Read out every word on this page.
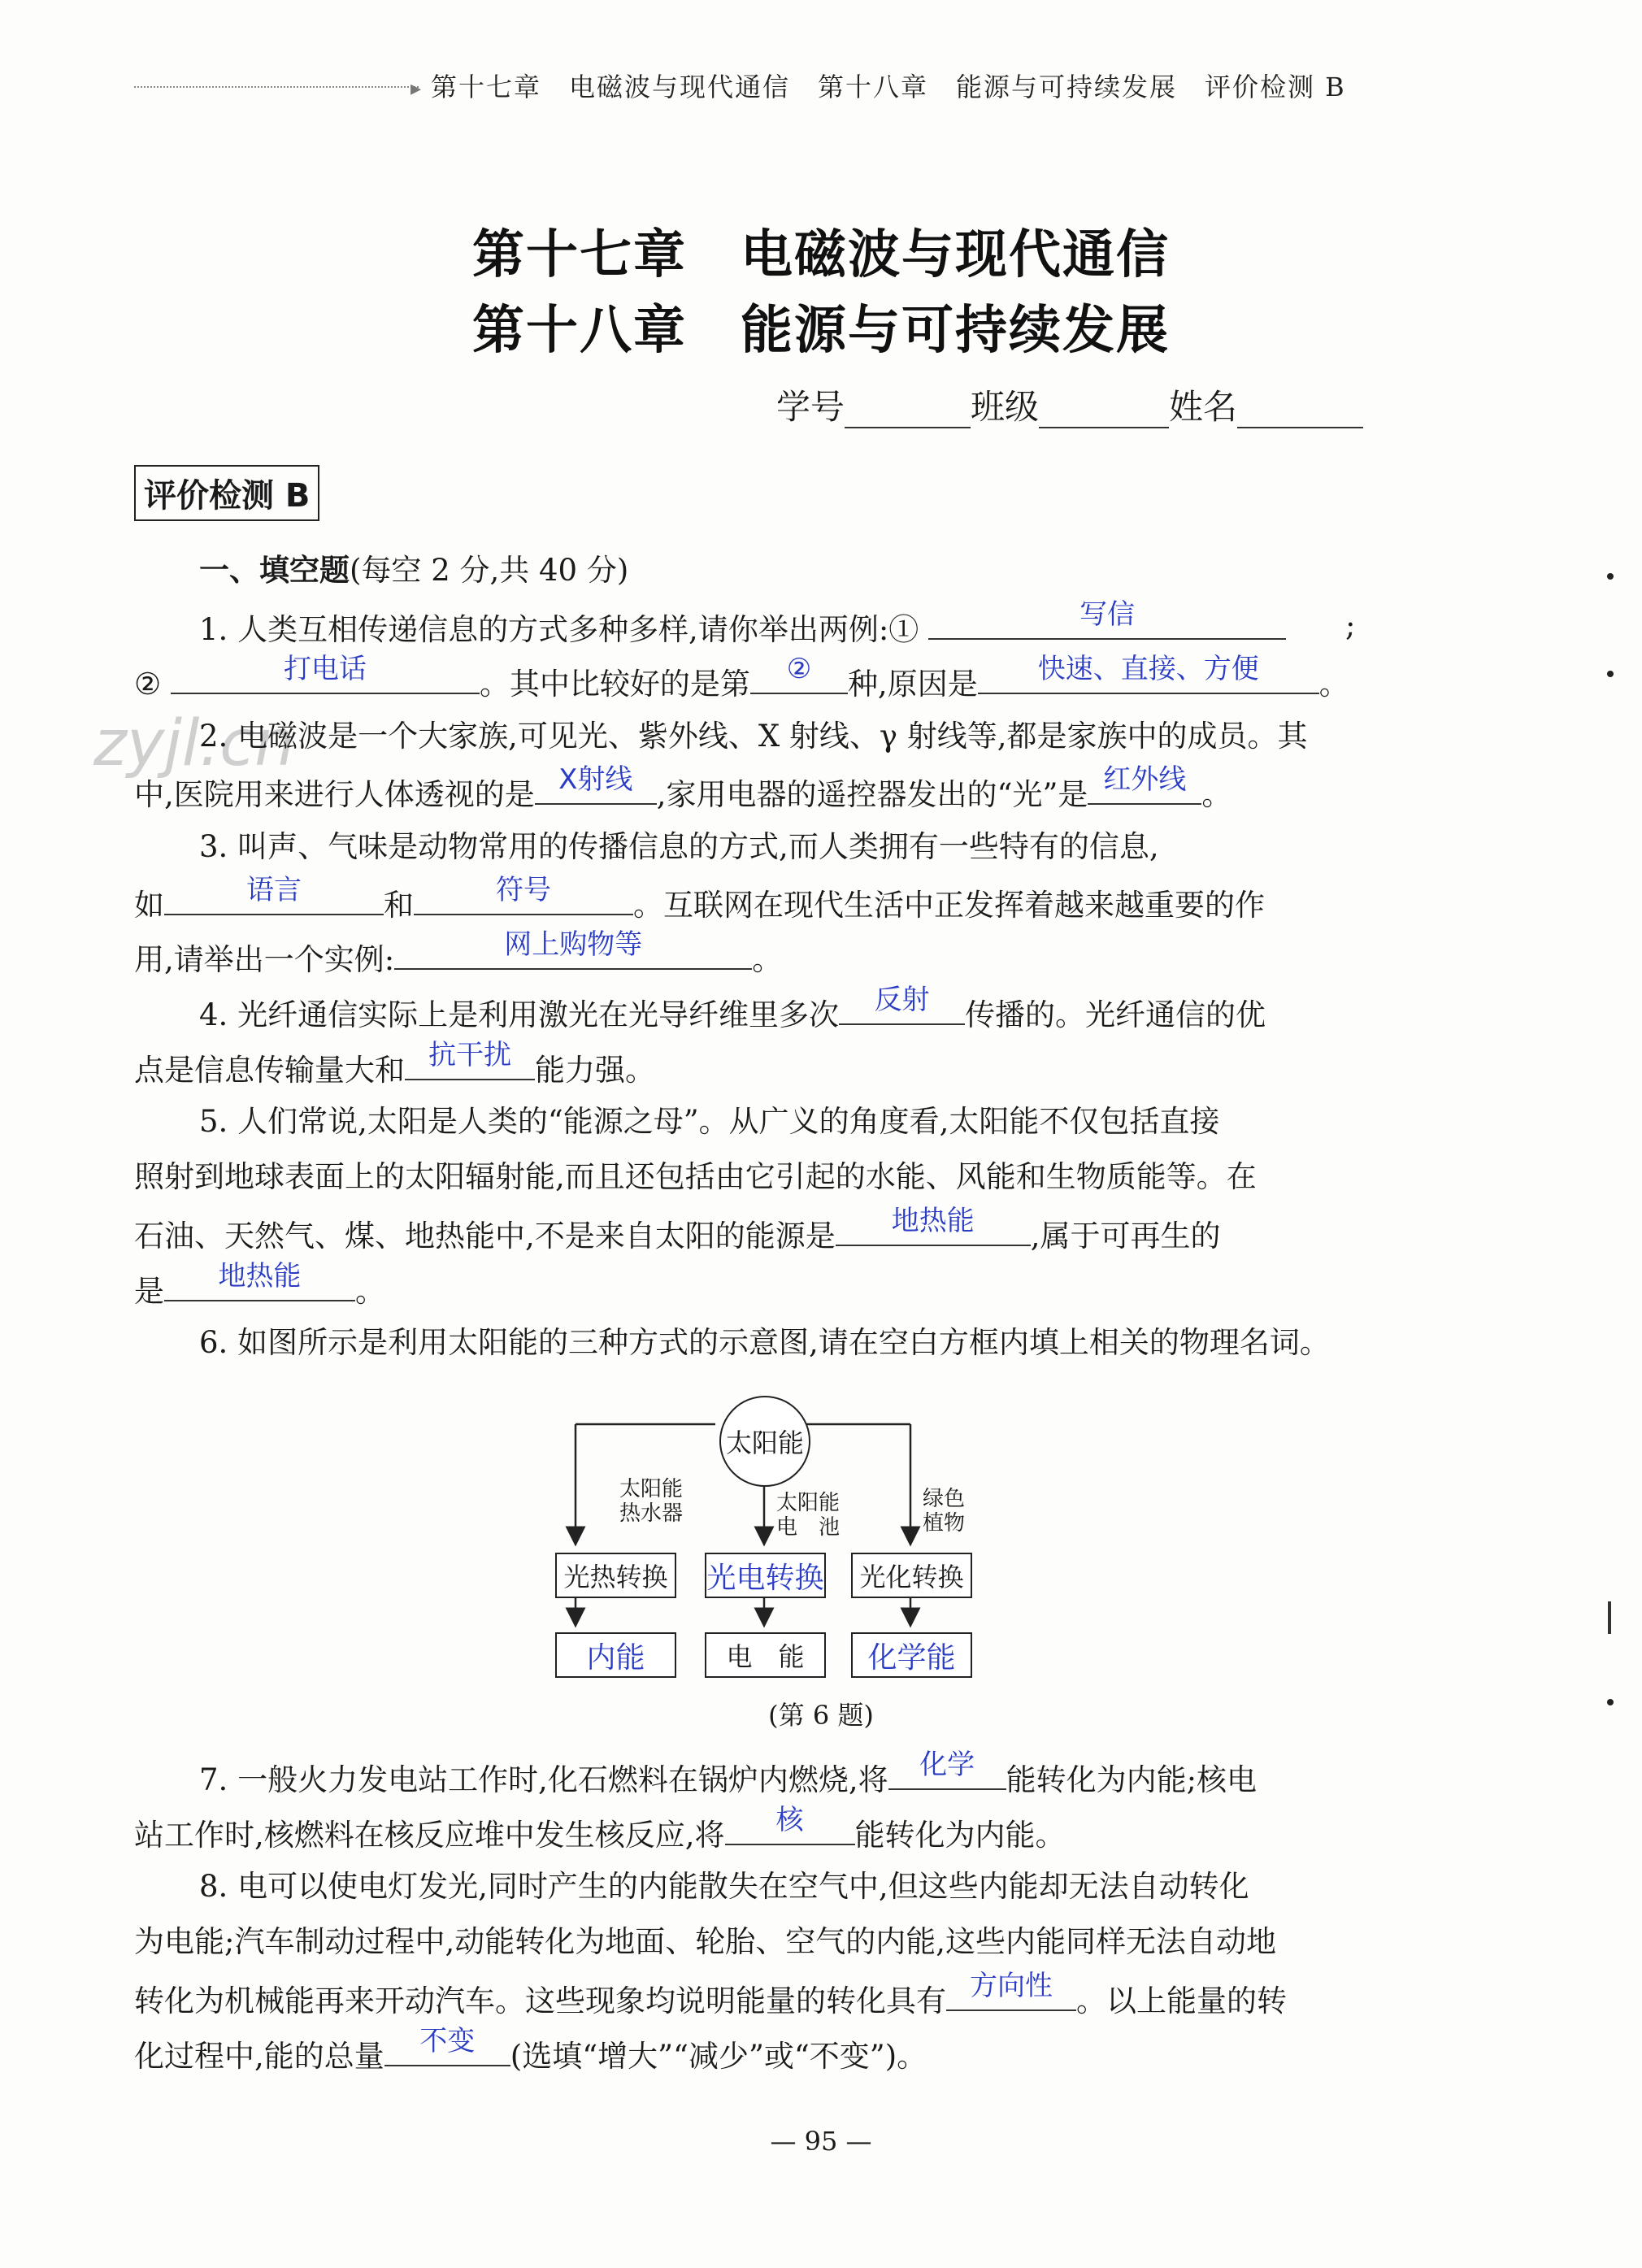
▸ 第十七章　电磁波与现代通信　第十八章　能源与可持续发展　评价检测 B
第十七章　电磁波与现代通信
第十八章　能源与可持续发展
学号	班级	姓名
评价检测 B
zyjl.cn
一、填空题(每空 2 分,共 40 分)
1. 人类互相传递信息的方式多种多样,请你举出两例:①	写信	;
②	打电话	。其中比较好的是第	②	种,原因是	快速、直接、方便	。
2. 电磁波是一个大家族,可见光、紫外线、X 射线、γ 射线等,都是家族中的成员。其
中,医院用来进行人体透视的是 X射线 ,家用电器的遥控器发出的“光”是 红外线 。
3. 叫声、气味是动物常用的传播信息的方式,而人类拥有一些特有的信息,
如	语言	和	符号	。互联网在现代生活中正发挥着越来越重要的作
用,请举出一个实例:	网上购物等	。
4. 光纤通信实际上是利用激光在光导纤维里多次	反射	传播的。光纤通信的优
点是信息传输量大和 抗干扰 能力强。
5. 人们常说,太阳是人类的“能源之母”。从广义的角度看,太阳能不仅包括直接
照射到地球表面上的太阳辐射能,而且还包括由它引起的水能、风能和生物质能等。在
石油、天然气、煤、地热能中,不是来自太阳的能源是	地热能	,属于可再生的
是	地热能	。
6. 如图所示是利用太阳能的三种方式的示意图,请在空白方框内填上相关的物理名词。
太阳能
太阳能
热水器	太阳能
电　池
绿色
植物
光热转换 光电转换	光化转换
内能	电　能	化学能
(第 6 题)
7. 一般火力发电站工作时,化石燃料在锅炉内燃烧,将	化学	能转化为内能;核电
站工作时,核燃料在核反应堆中发生核反应,将	核	能转化为内能。
8. 电可以使电灯发光,同时产生的内能散失在空气中,但这些内能却无法自动转化
为电能;汽车制动过程中,动能转化为地面、轮胎、空气的内能,这些内能同样无法自动地
转化为机械能再来开动汽车。这些现象均说明能量的转化具有 方向性 。以上能量的转
化过程中,能的总量	不变	(选填“增大”“减少”或“不变”)。
— 95 —
